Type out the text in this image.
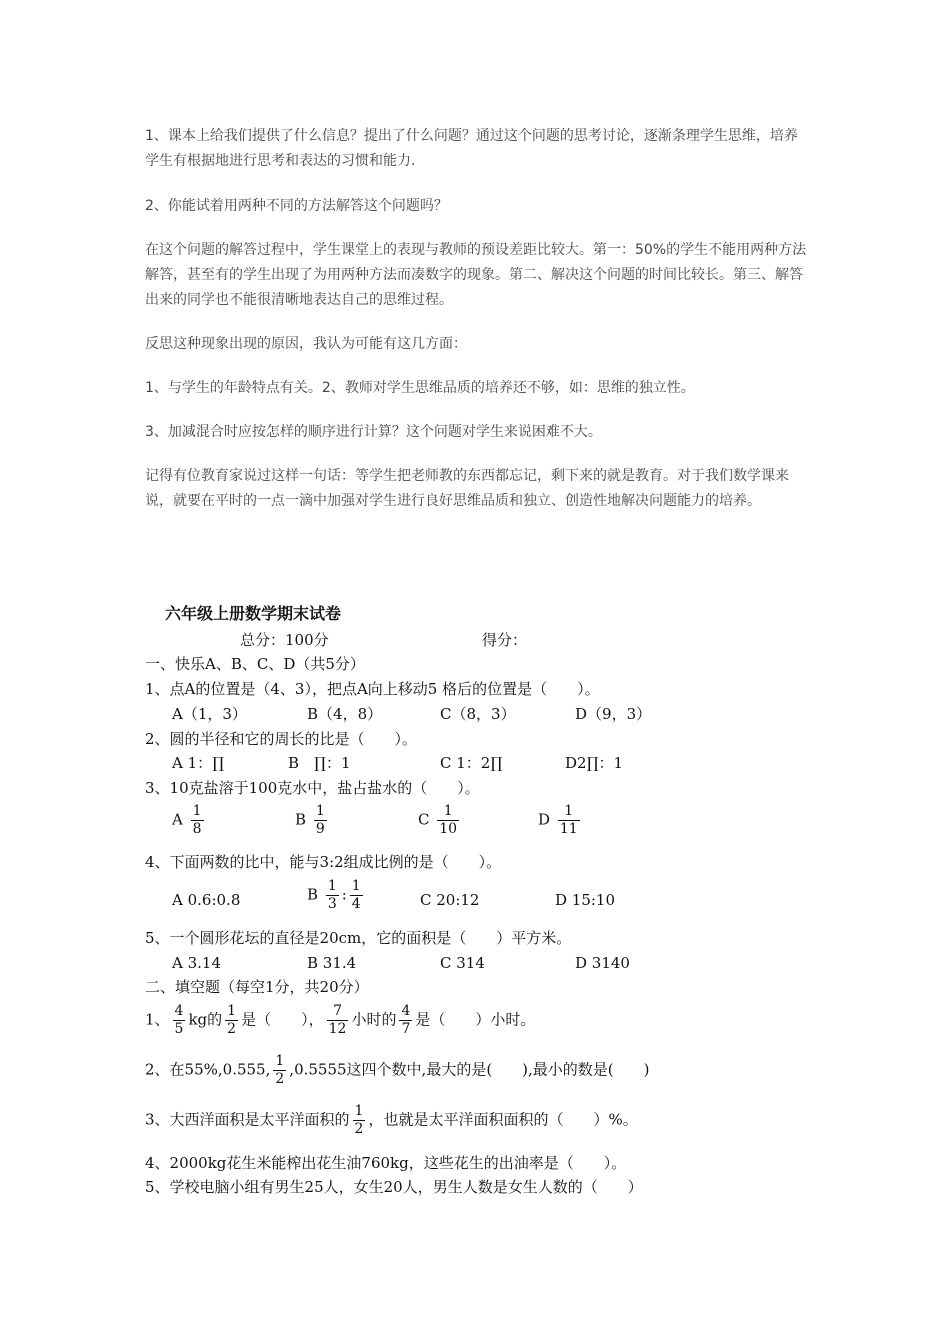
1、课本上给我们提供了什么信息？提出了什么问题？通过这个问题的思考讨论，逐渐条理学生思维，培养学生有根据地进行思考和表达的习惯和能力.
2、你能试着用两种不同的方法解答这个问题吗？
在这个问题的解答过程中，学生课堂上的表现与教师的预设差距比较大。第一：50%的学生不能用两种方法解答，甚至有的学生出现了为用两种方法而凑数字的现象。第二、解决这个问题的时间比较长。第三、解答出来的同学也不能很清晰地表达自己的思维过程。
反思这种现象出现的原因，我认为可能有这几方面：
1、与学生的年龄特点有关。2、教师对学生思维品质的培养还不够，如：思维的独立性。
3、加减混合时应按怎样的顺序进行计算？这个问题对学生来说困难不大。
记得有位教育家说过这样一句话：等学生把老师教的东西都忘记，剩下来的就是教育。对于我们数学课来说，就要在平时的一点一滴中加强对学生进行良好思维品质和独立、创造性地解决问题能力的培养。
六年级上册数学期末试卷
总分：100分	得分：
一、快乐A、B、C、D（共5分）
1、点A的位置是（4、3），把点A向上移动5 格后的位置是（　　）。
A（1，3）	B（4，8）	C（8，3）	D（9，3）
2、圆的半径和它的周长的比是（　　）。
A 1：∏	B　∏：1	C 1：2∏	D2∏：1
3、10克盐溶于100克水中，盐占盐水的（　　）。
A $\frac{1}{8}$	B $\frac{1}{9}$	C $\frac{1}{10}$	D $\frac{1}{11}$
4、下面两数的比中，能与3:2组成比例的是（　　）。
A 0.6:0.8	B $\frac{1}{3}$ : $\frac{1}{4}$	C 20:12	D 15:10
5、一个圆形花坛的直径是20cm，它的面积是（　　）平方米。
A 3.14	B 31.4	C 314	D 3140
二、填空题（每空1分，共20分）
1、 $\frac{4}{5}$ kg的 $\frac{1}{2}$ 是（　　）， $\frac{7}{12}$ 小时的 $\frac{4}{7}$ 是（　　）小时。
2、在55%,0.555, $\frac{1}{2} ,0.5555$这四个数中,最大的是(　　),最小的数是(　　)
3、大西洋面积是太平洋面积的 $\frac{1}{2}$ ，也就是太平洋面积面积的（　　）%。
4、2000kg花生米能榨出花生油760kg，这些花生的出油率是（　　）。
5、学校电脑小组有男生25人，女生20人，男生人数是女生人数的（　　）
